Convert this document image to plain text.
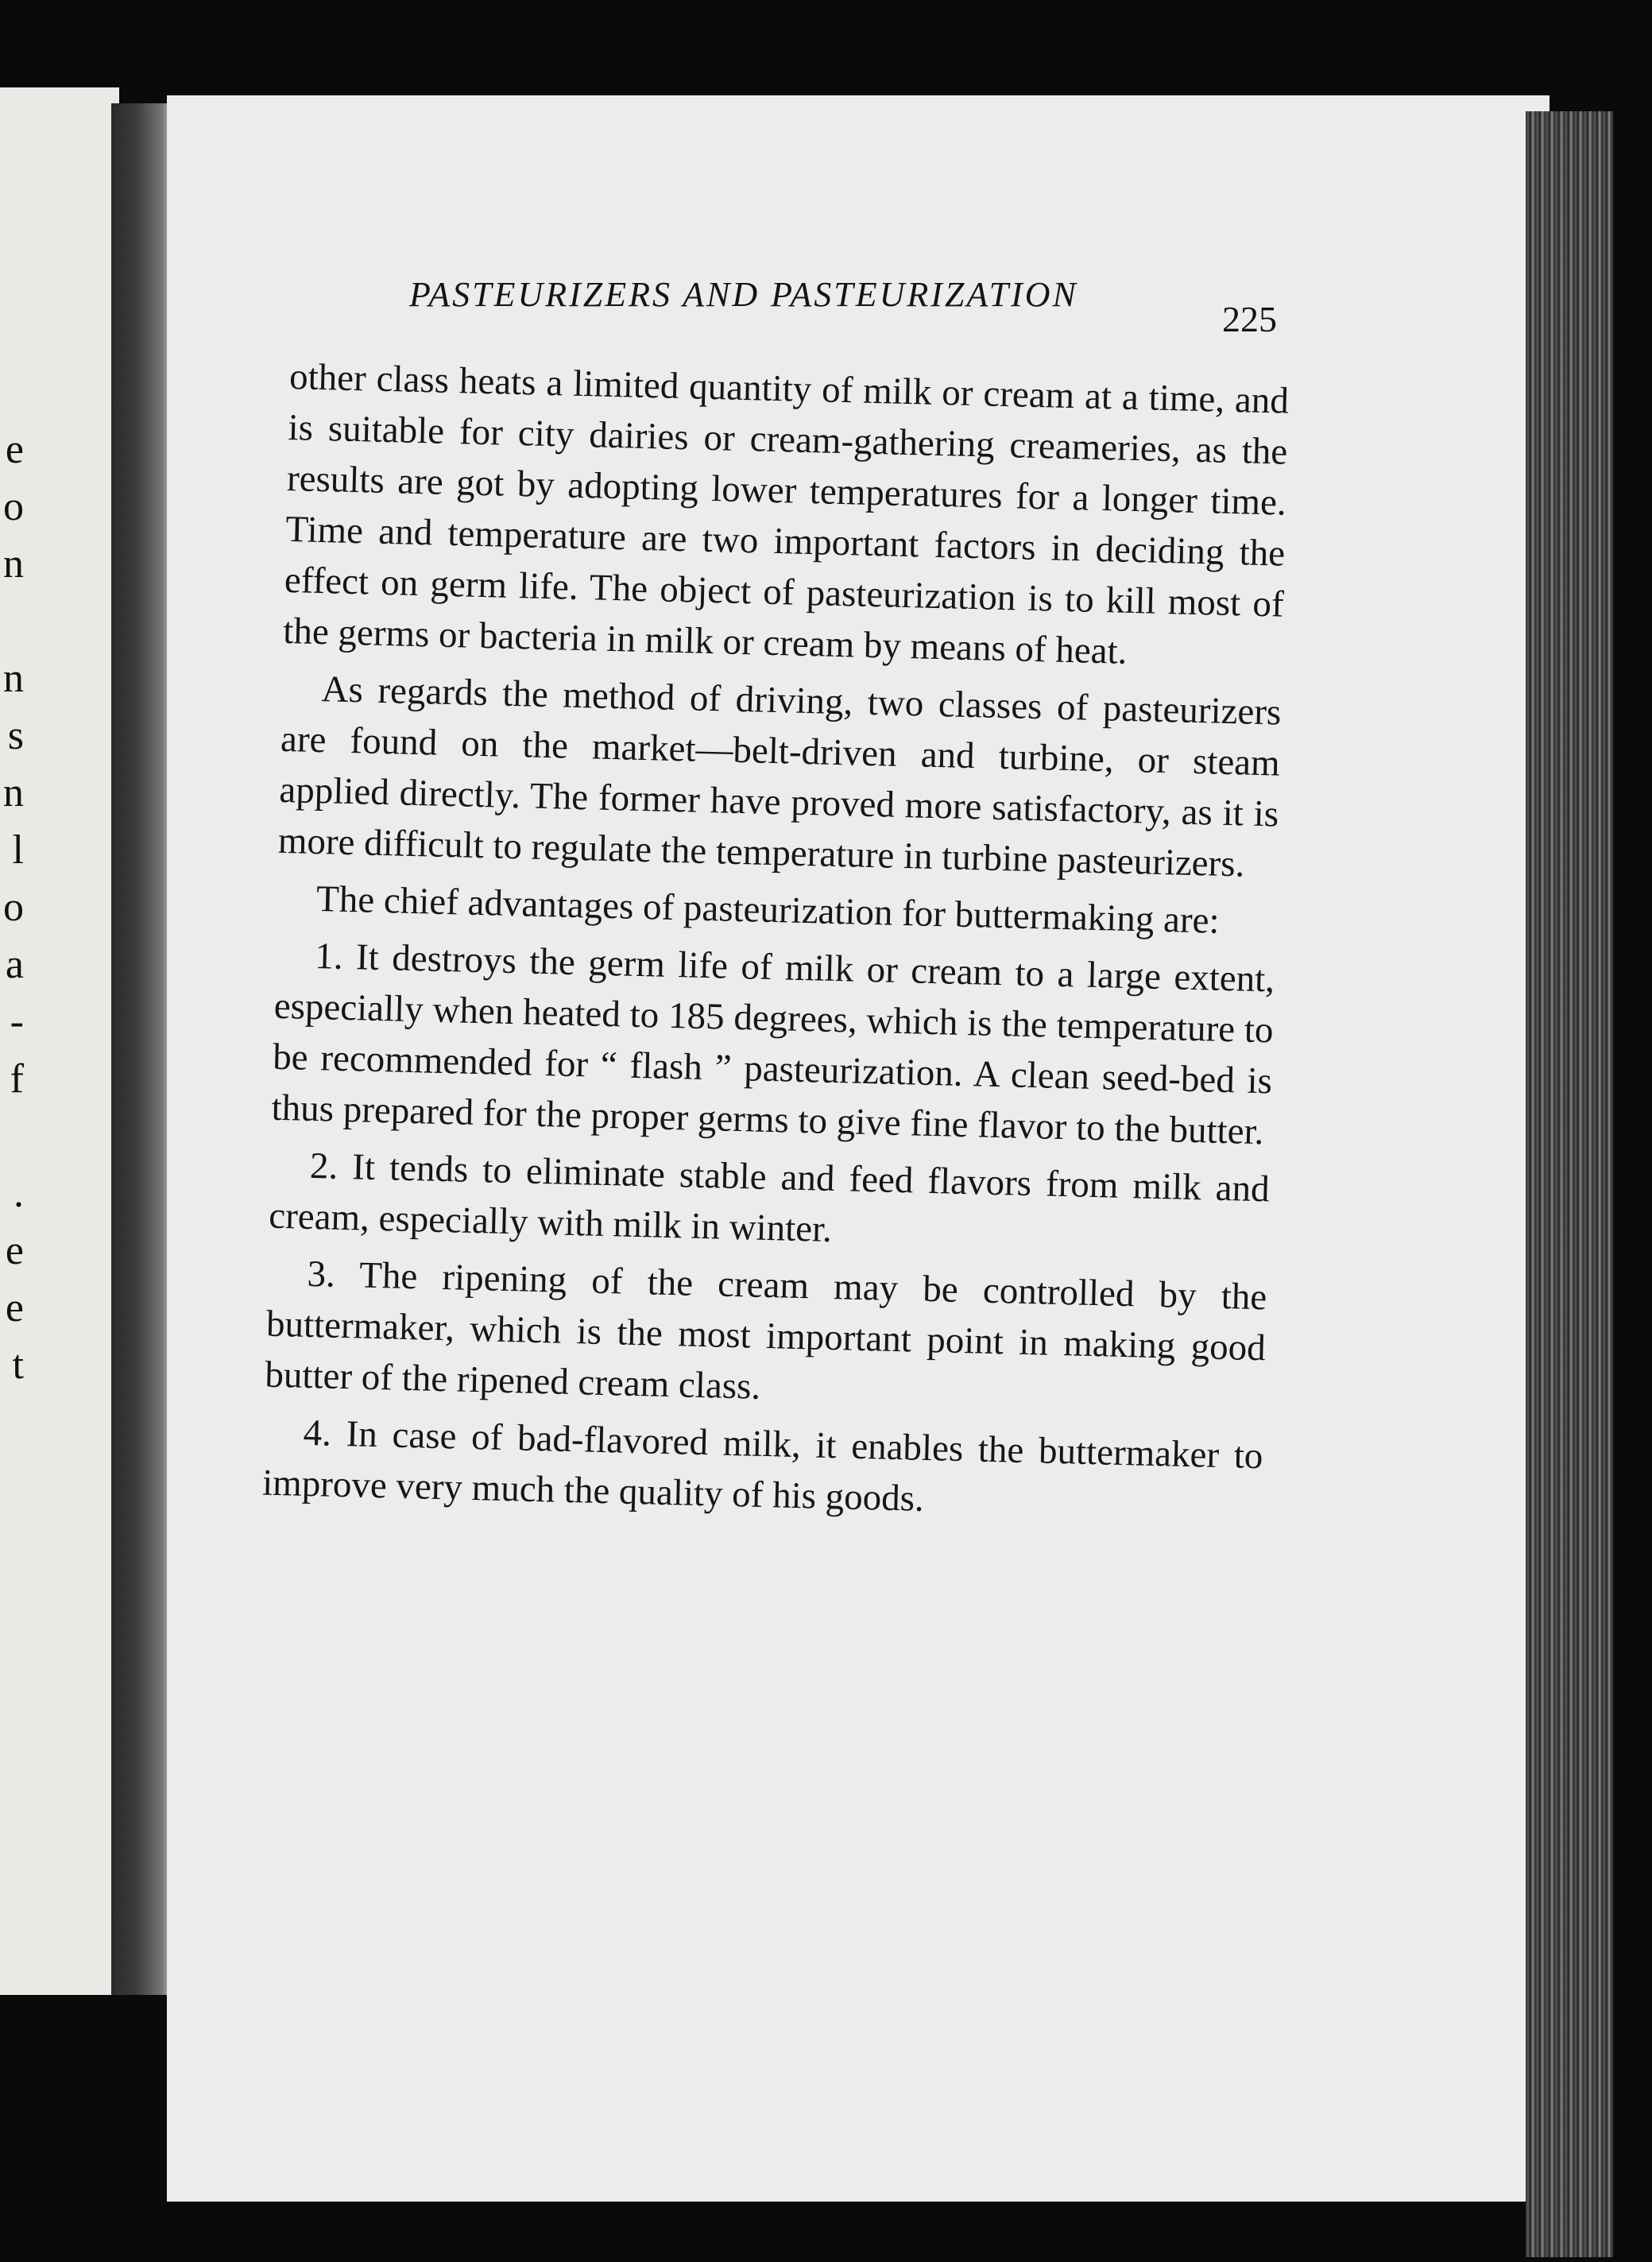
e
o
n
n
s
n
l
o
a
-
f
.
e
e
t
PASTEURIZERS AND PASTEURIZATION
225

other class heats a limited quantity of milk or cream at a time, and is suitable for city dairies or cream-gathering creameries, as the results are got by adopting lower temperatures for a longer time. Time and temperature are two important factors in deciding the effect on germ life. The object of pasteurization is to kill most of the germs or bacteria in milk or cream by means of heat.

As regards the method of driving, two classes of pasteurizers are found on the market—belt-driven and turbine, or steam applied directly. The former have proved more satisfactory, as it is more difficult to regulate the temperature in turbine pasteurizers.

The chief advantages of pasteurization for buttermaking are:

1. It destroys the germ life of milk or cream to a large extent, especially when heated to 185 degrees, which is the temperature to be recommended for “ flash ” pasteurization. A clean seed-bed is thus prepared for the proper germs to give fine flavor to the butter.

2. It tends to eliminate stable and feed flavors from milk and cream, especially with milk in winter.

3. The ripening of the cream may be controlled by the buttermaker, which is the most important point in making good butter of the ripened cream class.

4. In case of bad-flavored milk, it enables the buttermaker to improve very much the quality of his goods.
